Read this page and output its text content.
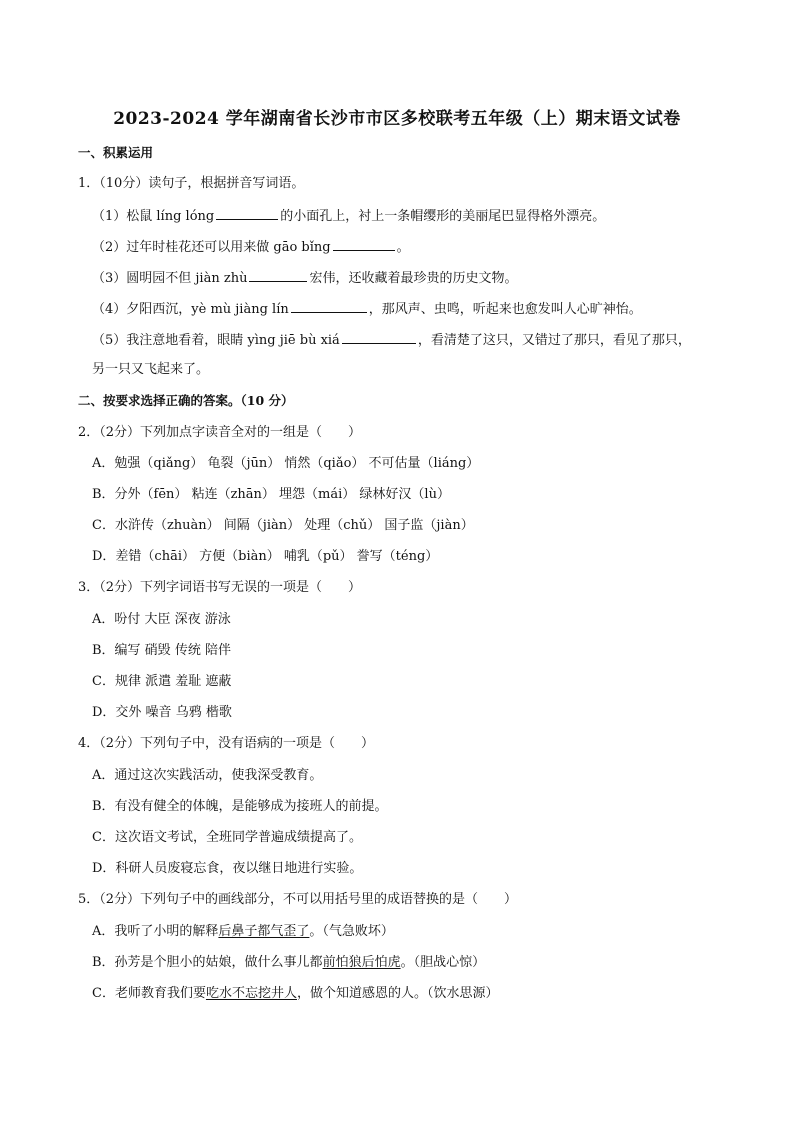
2023-2024 学年湖南省长沙市市区多校联考五年级（上）期末语文试卷
一、积累运用
1．（10分）读句子，根据拼音写词语。
（1）松鼠 líng lóng	的小面孔上，衬上一条帽缨形的美丽尾巴显得格外漂亮。
（2）过年时桂花还可以用来做 gāo bǐng	。
（3）圆明园不但 jiàn zhù	宏伟，还收藏着最珍贵的历史文物。
（4）夕阳西沉，yè mù jiàng lín	，那风声、虫鸣，听起来也愈发叫人心旷神怡。
（5）我注意地看着，眼睛 yìng jiē bù xiá	，看清楚了这只，又错过了那只，看见了那只，
另一只又飞起来了。
二、按要求选择正确的答案。（10 分）
2．（2分）下列加点字读音全对的一组是（　　）
A．勉强（qiǎng） 龟裂（jūn） 悄然（qiǎo） 不可估量（liáng）
B．分外（fēn） 粘连（zhān） 埋怨（mái） 绿林好汉（lù）
C．水浒传（zhuàn） 间隔（jiàn） 处理（chǔ） 国子监（jiàn）
D．差错（chāi） 方便（biàn） 哺乳（pǔ） 誊写（téng）
3．（2分）下列字词语书写无误的一项是（　　）
A．吩付 大臣 深夜 游泳
B．编写 硝毁 传统 陪伴
C．规律 派遣 羞耻 遮蔽
D．交外 噪音 乌鸦 楷歌
4．（2分）下列句子中，没有语病的一项是（　　）
A．通过这次实践活动，使我深受教育。
B．有没有健全的体魄，是能够成为接班人的前提。
C．这次语文考试，全班同学普遍成绩提高了。
D．科研人员废寝忘食，夜以继日地进行实验。
5．（2分）下列句子中的画线部分，不可以用括号里的成语替换的是（　　）
A．我听了小明的解释后鼻子都气歪了。（气急败坏）
B．孙芳是个胆小的姑娘，做什么事儿都前怕狼后怕虎。（胆战心惊）
C．老师教育我们要吃水不忘挖井人，做个知道感恩的人。（饮水思源）
